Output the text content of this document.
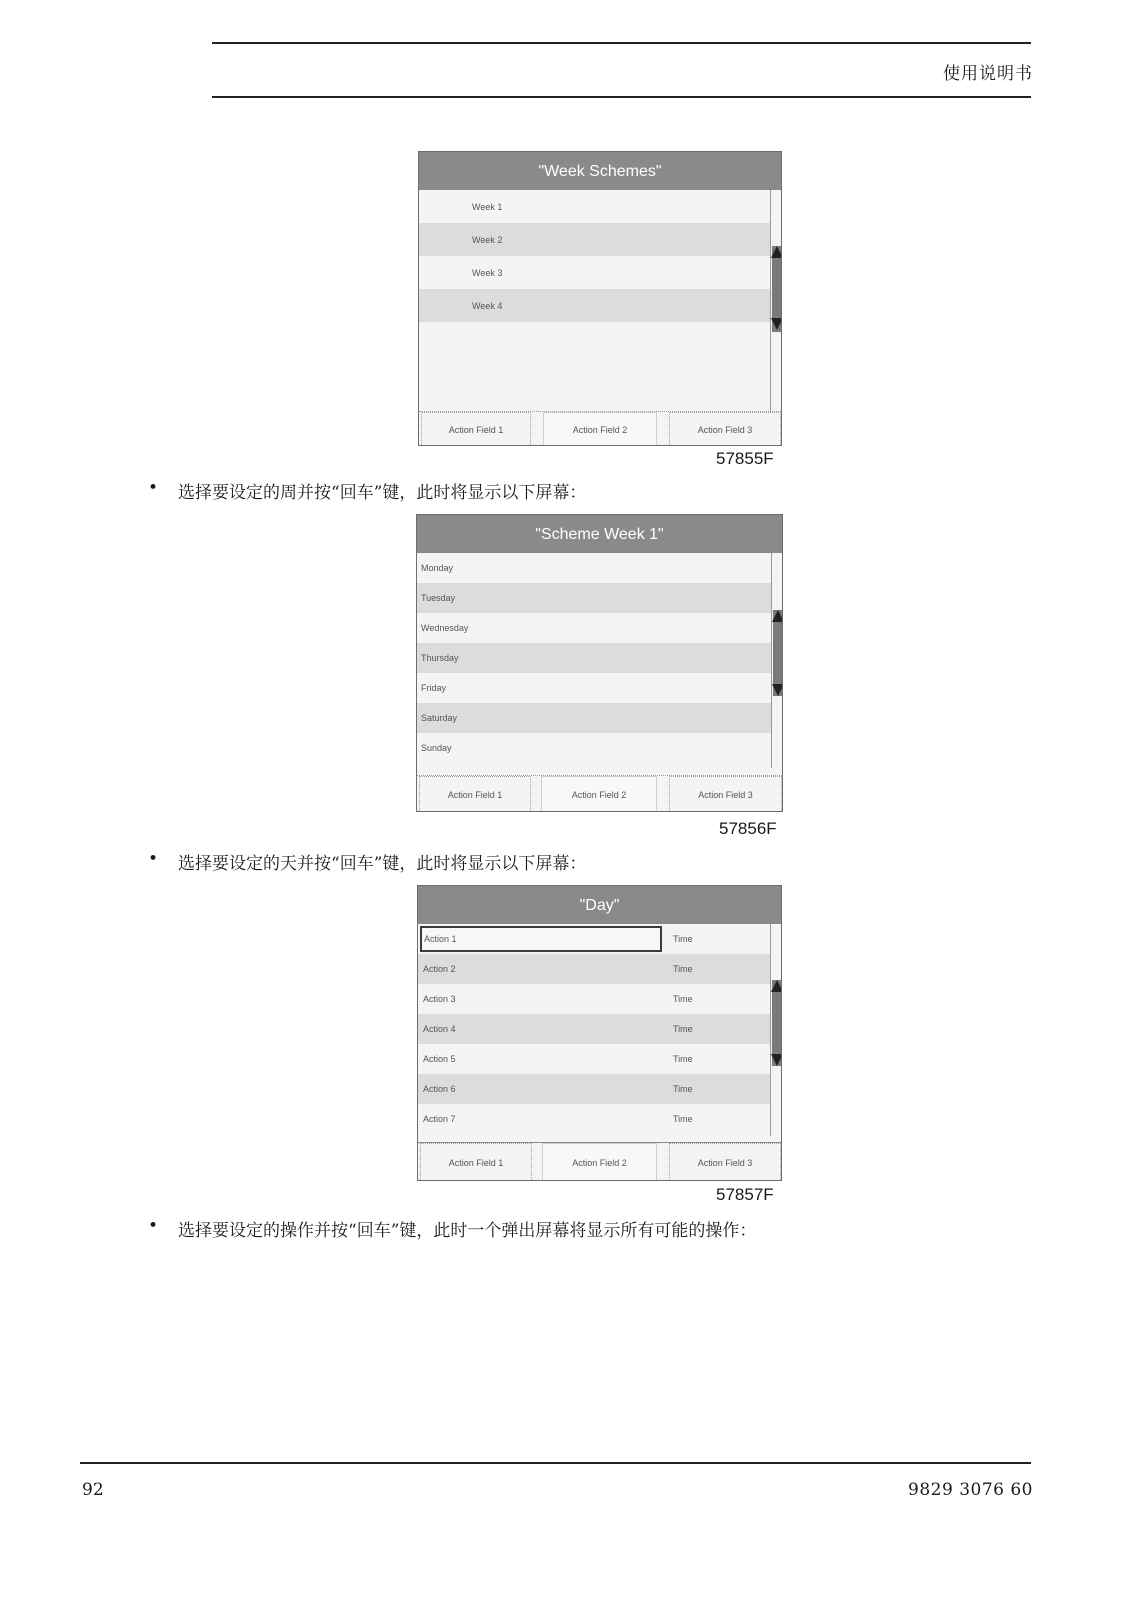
使用说明书
"Week Schemes"
Week 1
Week 2
Week 3
Week 4
Action Field 1	Action Field 2	Action Field 3
57855F
• 选择要设定的周并按“回车”键，此时将显示以下屏幕：
"Scheme Week 1"
Monday
Tuesday
Wednesday
Thursday
Friday
Saturday
Sunday
Action Field 1	Action Field 2	Action Field 3
57856F
• 选择要设定的天并按“回车”键，此时将显示以下屏幕：
"Day"
Action 1	Time
Action 2	Time
Action 3	Time
Action 4	Time
Action 5	Time
Action 6	Time
Action 7	Time
Action Field 1	Action Field 2	Action Field 3
57857F
• 选择要设定的操作并按“回车”键，此时一个弹出屏幕将显示所有可能的操作：
92	9829 3076 60
